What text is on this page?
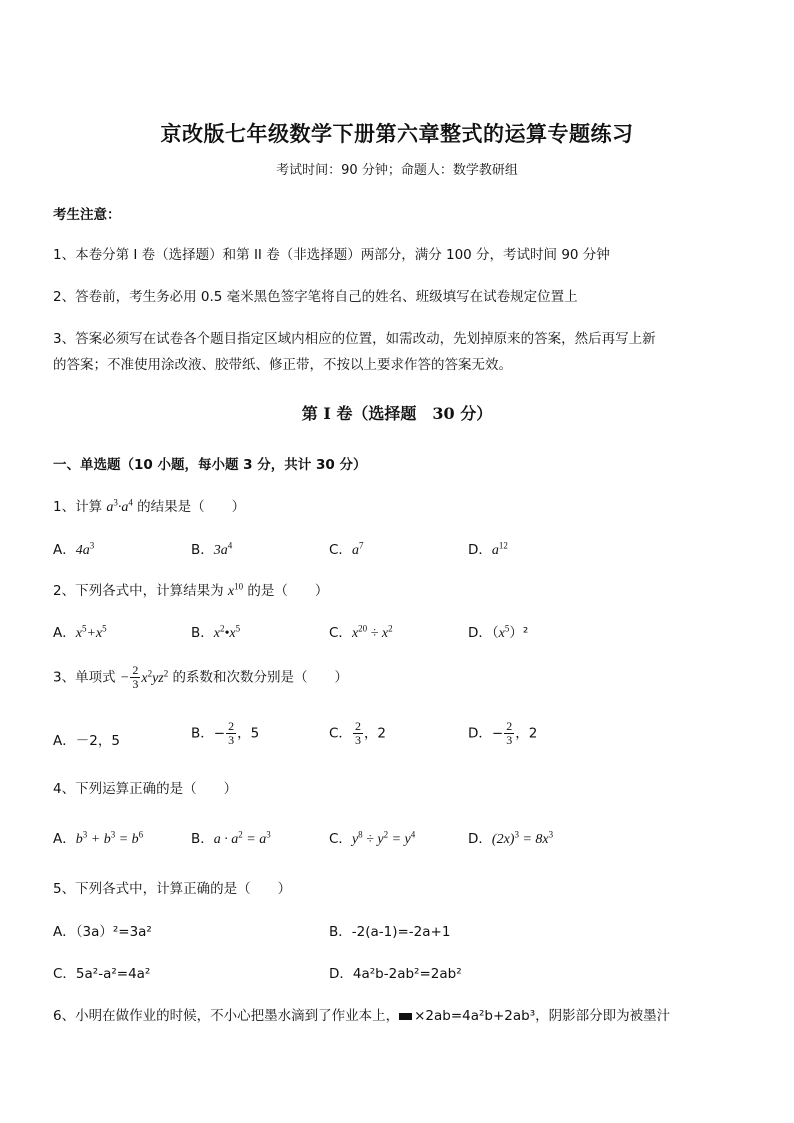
京改版七年级数学下册第六章整式的运算专题练习
考试时间：90 分钟；命题人：数学教研组
考生注意：
1、本卷分第 I 卷（选择题）和第 II 卷（非选择题）两部分，满分 100 分，考试时间 90 分钟
2、答卷前，考生务必用 0.5 毫米黑色签字笔将自己的姓名、班级填写在试卷规定位置上
3、答案必须写在试卷各个题目指定区域内相应的位置，如需改动，先划掉原来的答案，然后再写上新
的答案；不准使用涂改液、胶带纸、修正带，不按以上要求作答的答案无效。
第 I 卷（选择题　30 分）
一、单选题（10 小题，每小题 3 分，共计 30 分）
1、计算 $a^3\cdot a^4$ 的结果是（　　）
A．$4a^3$	B．$3a^4$	C．$a^7$	D．$a^{12}$
2、下列各式中，计算结果为 $x^{10}$ 的是（　　）
A．$x^5+x^5$	B．$x^2•x^5$	C．$x^{20} \div x^2$	D．$(x^5)^2$
3、单项式 − $\frac{2}{3} x^2yz^2$ 的系数和次数分别是（　　）
A．－2，5	B．− $\frac{2}{3}$ ，5	C． $\frac{2}{3}$ ，2	D．− $\frac{2}{3}$ ，2
4、下列运算正确的是（　　）
A．$b^3 + b^3 = b^6$	B．$a \cdot a^2 = a^3$	C．$y^8 \div y^2 = y^4$	D．$(2x)^3 = 8x^3$
5、下列各式中，计算正确的是（　　）
A．（3a）²=3a²	B．-2(a-1)=-2a+1
C．5a²-a²=4a²	D．4a²b-2ab²=2ab²
6、小明在做作业的时候，不小心把墨水滴到了作业本上， ×2ab=4a²b+2ab³，阴影部分即为被墨汁
